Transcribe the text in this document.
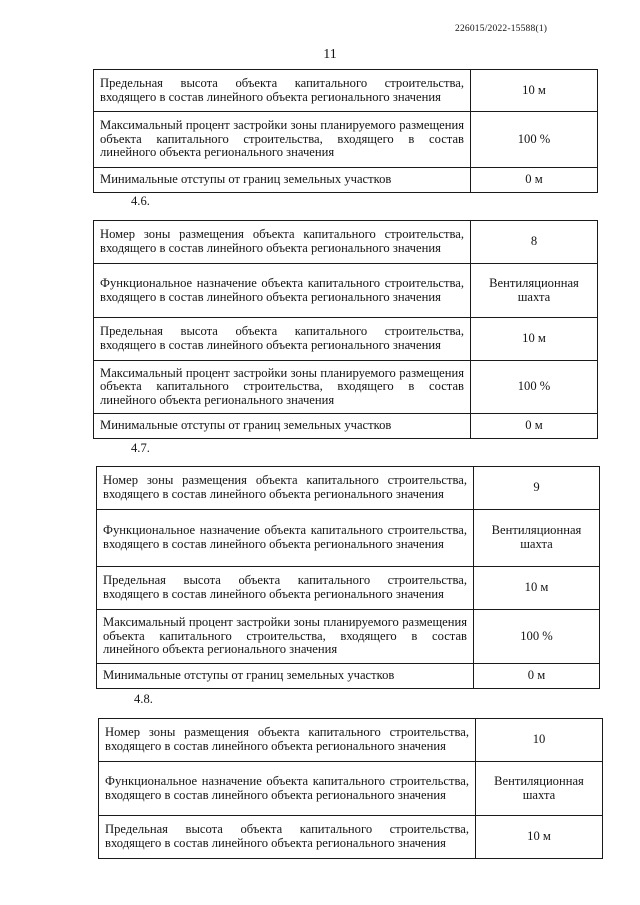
226015/2022-15588(1)
11
Предельная высота объекта капитального строительства, входящего в состав линейного объекта регионального значения	10 м
Максимальный процент застройки зоны планируемого размещения объекта капитального строительства, входящего в состав линейного объекта регионального значения	100 %
Минимальные отступы от границ земельных участков	0 м
4.6.
Номер зоны размещения объекта капитального строительства, входящего в состав линейного объекта регионального значения	8
Функциональное назначение объекта капитального строительства, входящего в состав линейного объекта регионального значения	Вентиляционная шахта
Предельная высота объекта капитального строительства, входящего в состав линейного объекта регионального значения	10 м
Максимальный процент застройки зоны планируемого размещения объекта капитального строительства, входящего в состав линейного объекта регионального значения	100 %
Минимальные отступы от границ земельных участков	0 м
4.7.
Номер зоны размещения объекта капитального строительства, входящего в состав линейного объекта регионального значения	9
Функциональное назначение объекта капитального строительства, входящего в состав линейного объекта регионального значения	Вентиляционная шахта
Предельная высота объекта капитального строительства, входящего в состав линейного объекта регионального значения	10 м
Максимальный процент застройки зоны планируемого размещения объекта капитального строительства, входящего в состав линейного объекта регионального значения	100 %
Минимальные отступы от границ земельных участков	0 м
4.8.
Номер зоны размещения объекта капитального строительства, входящего в состав линейного объекта регионального значения	10
Функциональное назначение объекта капитального строительства, входящего в состав линейного объекта регионального значения	Вентиляционная шахта
Предельная высота объекта капитального строительства, входящего в состав линейного объекта регионального значения	10 м
